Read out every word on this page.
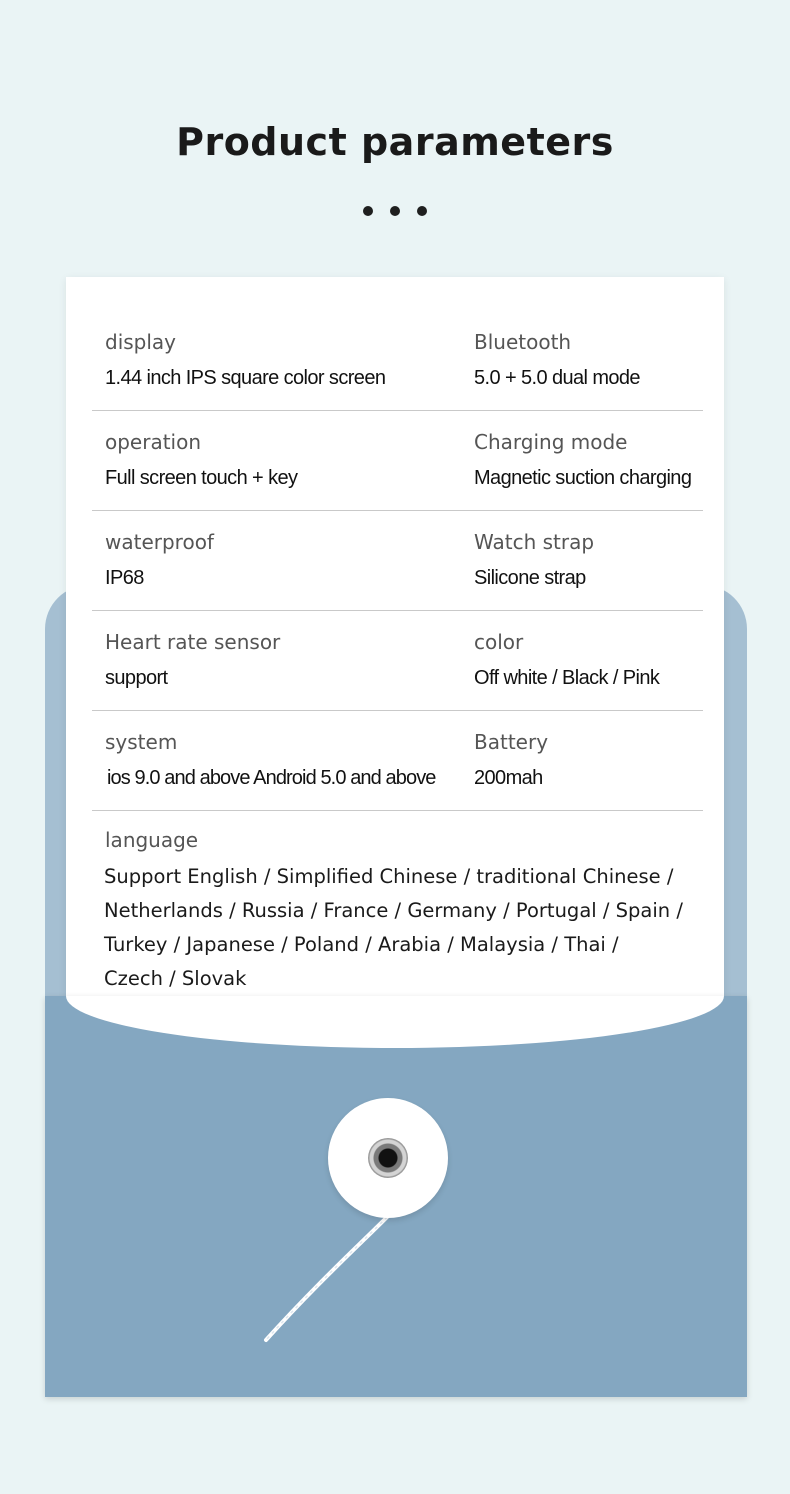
Product parameters
display
1.44 inch IPS square color screen
Bluetooth
5.0 + 5.0 dual mode
operation
Full screen touch + key
Charging mode
Magnetic suction charging
waterproof
IP68
Watch strap
Silicone strap
Heart rate sensor
support
color
Off white / Black / Pink
system
ios 9.0 and above Android 5.0 and above
Battery
200mah
language
Support English / Simplified Chinese / traditional Chinese /
Netherlands / Russia / France / Germany / Portugal / Spain /
Turkey / Japanese / Poland / Arabia / Malaysia / Thai /
Czech / Slovak
